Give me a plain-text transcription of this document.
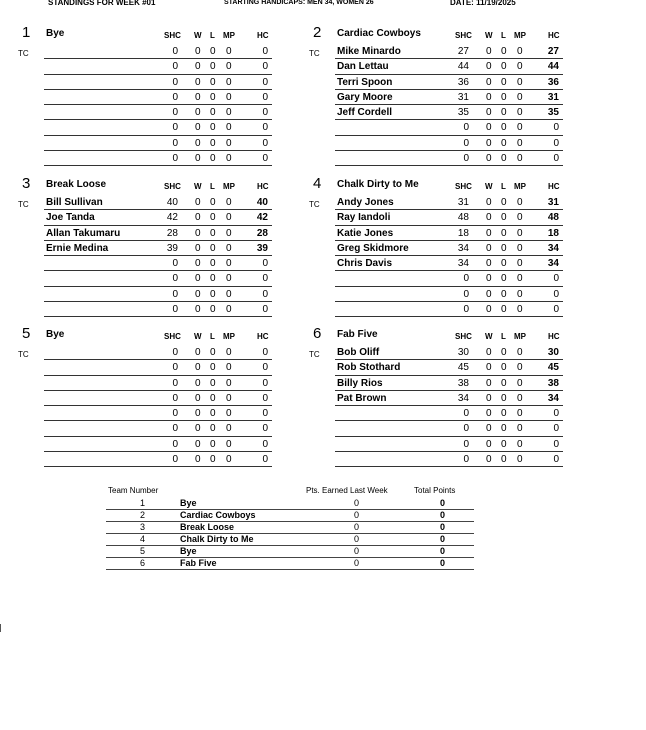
STANDINGS FOR WEEK #01	STARTING HANDICAPS: MEN 34, WOMEN 26	DATE: 11/19/2025
1 Bye	SHC W L MP	HC
TC	0 0 0 0	0
0 0 0 0	0
0 0 0 0	0
0 0 0 0	0
0 0 0 0	0
0 0 0 0	0
0 0 0 0	0
0 0 0 0	0
2 Cardiac Cowboys	SHC W L MP	HC
TC Mike Minardo	27 0 0 0	27
Dan Lettau	44 0 0 0	44
Terri Spoon	36 0 0 0	36
Gary Moore	31 0 0 0	31
Jeff Cordell	35 0 0 0	35
0 0 0 0	0
0 0 0 0	0
0 0 0 0	0
3 Break Loose	SHC W L MP	HC
TC Bill Sullivan	40 0 0 0	40
Joe Tanda	42 0 0 0	42
Allan Takumaru	28 0 0 0	28
Ernie Medina	39 0 0 0	39
0 0 0 0	0
0 0 0 0	0
0 0 0 0	0
0 0 0 0	0
4 Chalk Dirty to Me	SHC W L MP	HC
TC Andy Jones	31 0 0 0	31
Ray Iandoli	48 0 0 0	48
Katie Jones	18 0 0 0	18
Greg Skidmore	34 0 0 0	34
Chris Davis	34 0 0 0	34
0 0 0 0	0
0 0 0 0	0
0 0 0 0	0
5 Bye	SHC W L MP	HC
TC	0 0 0 0	0
0 0 0 0	0
0 0 0 0	0
0 0 0 0	0
0 0 0 0	0
0 0 0 0	0
0 0 0 0	0
0 0 0 0	0
6 Fab Five	SHC W L MP	HC
TC Bob Oliff	30 0 0 0	30
Rob Stothard	45 0 0 0	45
Billy Rios	38 0 0 0	38
Pat Brown	34 0 0 0	34
0 0 0 0	0
0 0 0 0	0
0 0 0 0	0
0 0 0 0	0
Team Number	Pts. Earned Last Week	Total Points
1	Bye	0	0
2	Cardiac Cowboys	0	0
3	Break Loose	0	0
4	Chalk Dirty to Me	0	0
5	Bye	0	0
6	Fab Five	0	0
